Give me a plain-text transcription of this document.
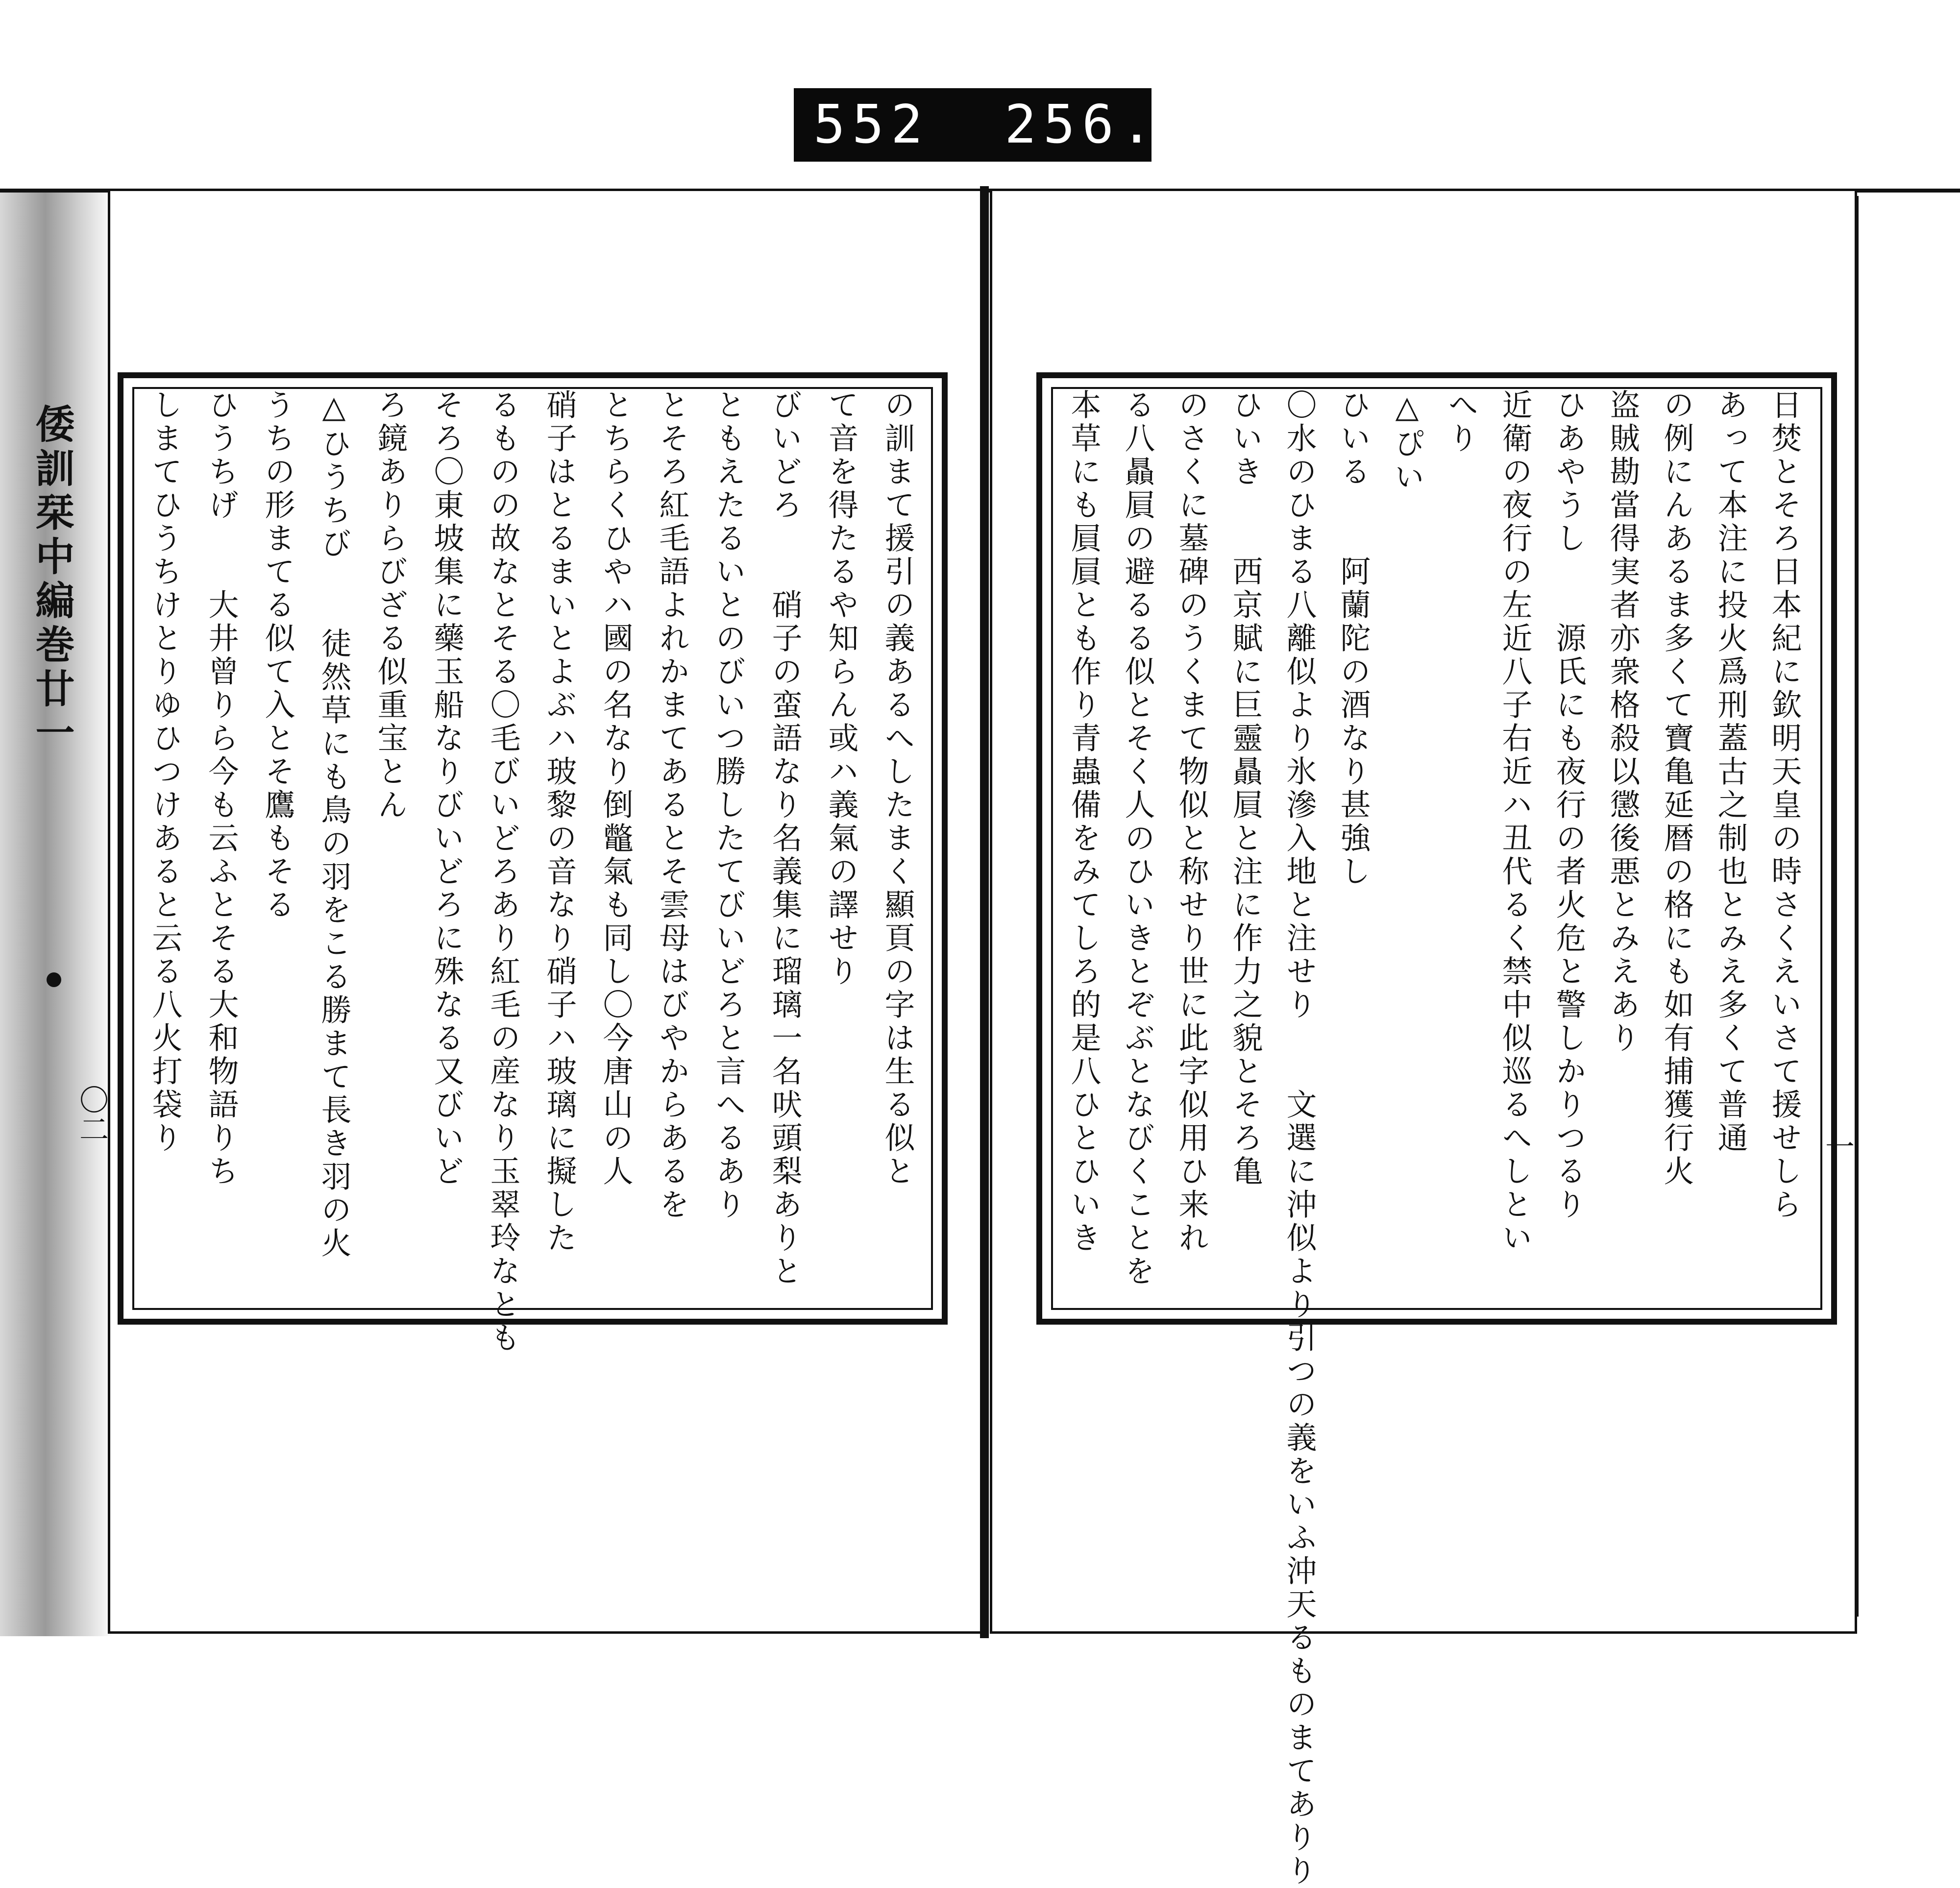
552 256.
倭訓栞中編巻廿一
〇二	の訓まて援引の義あるへしたまく顯頁の字は生る似と
て音を得たるや知らん或ハ義氣の譯せり
びいどろ　　硝子の蛮語なり名義集に瑠璃一名吠頭梨ありと
ともえたるいとのびいつ勝したてびいどろと言へるあり
とそろ紅毛語よれかまてあるとそ雲母はびやからあるを
とちらくひやハ國の名なり倒鼈氣も同し〇今唐山の人
硝子はとるまいとよぶハ玻黎の音なり硝子ハ玻璃に擬した
るものの故なとそる〇毛びいどろあり紅毛の産なり玉翠玲なとも
そろ〇東坡集に藥玉船なりびいどろに殊なる又びいど
ろ鏡ありらびざる似重宝とん
△ひうちび　　徒然草にも鳥の羽をこる勝まて長き羽の火
うちの形まてる似て入とそ鷹もそる
ひうちげ　　大井曾りら今も云ふとそる大和物語りち
しまてひうちけとりゆひつけあると云る八火打袋り	一
日焚とそろ日本紀に欽明天皇の時さくえいさて援せしら
あって本注に投火爲刑蓋古之制也とみえ多くて普通
の例にんあるま多くて寶亀延暦の格にも如有捕獲行火
盗賊勘當得実者亦衆格殺以懲後悪とみえあり
ひあやうし　　源氏にも夜行の者火危と警しかりつるり
近衛の夜行の左近八子右近ハ丑代るく禁中似巡るへしとい
へり
△ぴい
ひいる　　阿蘭陀の酒なり甚強し
〇水のひまる八離似より氷滲入地と注せり　　文選に沖似より引つの義をいふ沖天るものまてありり
ひいき　　西京賦に巨靈贔屓と注に作力之貌とそろ亀
のさくに墓碑のうくまて物似と称せり世に此字似用ひ来れ
る八贔屓の避るる似とそく人のひいきとぞぶとなびくことを
本草にも屓屓とも作り青蟲備をみてしろ的是八ひとひいき
